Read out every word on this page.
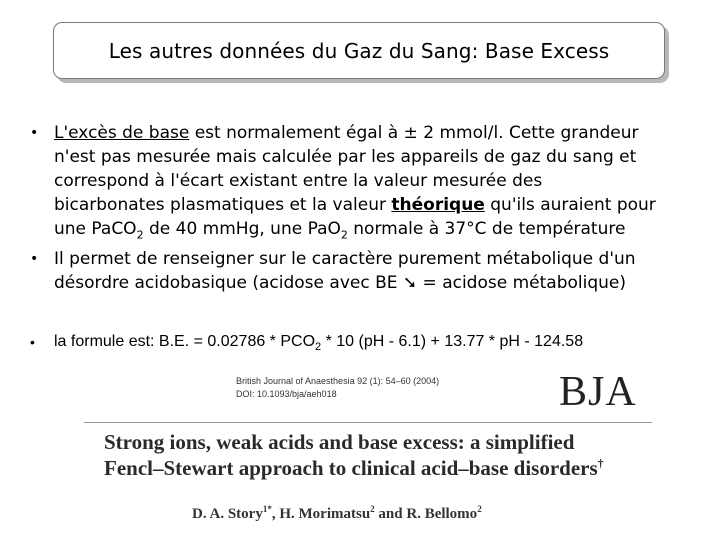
Les autres données du Gaz du Sang: Base Excess
• L'excès de base est normalement égal à ± 2 mmol/l. Cette grandeur
n'est pas mesurée mais calculée par les appareils de gaz du sang et
correspond à l'écart existant entre la valeur mesurée des
bicarbonates plasmatiques et la valeur théorique qu'ils auraient pour
une PaCO$_2$ de 40 mmHg, une PaO$_2$ normale à 37°C de température
• Il permet de renseigner sur le caractère purement métabolique d'un
désordre acidobasique (acidose avec BE ➘ = acidose métabolique)
• la formule est: B.E. = $0.02786 * PCO_2 * 10$ (pH - 6.1) + 13.77 * pH - 124.58
British Journal of Anaesthesia 92 (1): 54–60 (2004)
DOI: 10.1093/bja/aeh018	BJA
Strong ions, weak acids and base excess: a simplified
Fencl–Stewart approach to clinical acid–base disorders†
D. A. Story$^{1*}$, H. Morimatsu$^2$ and R. Bellomo$^2$
